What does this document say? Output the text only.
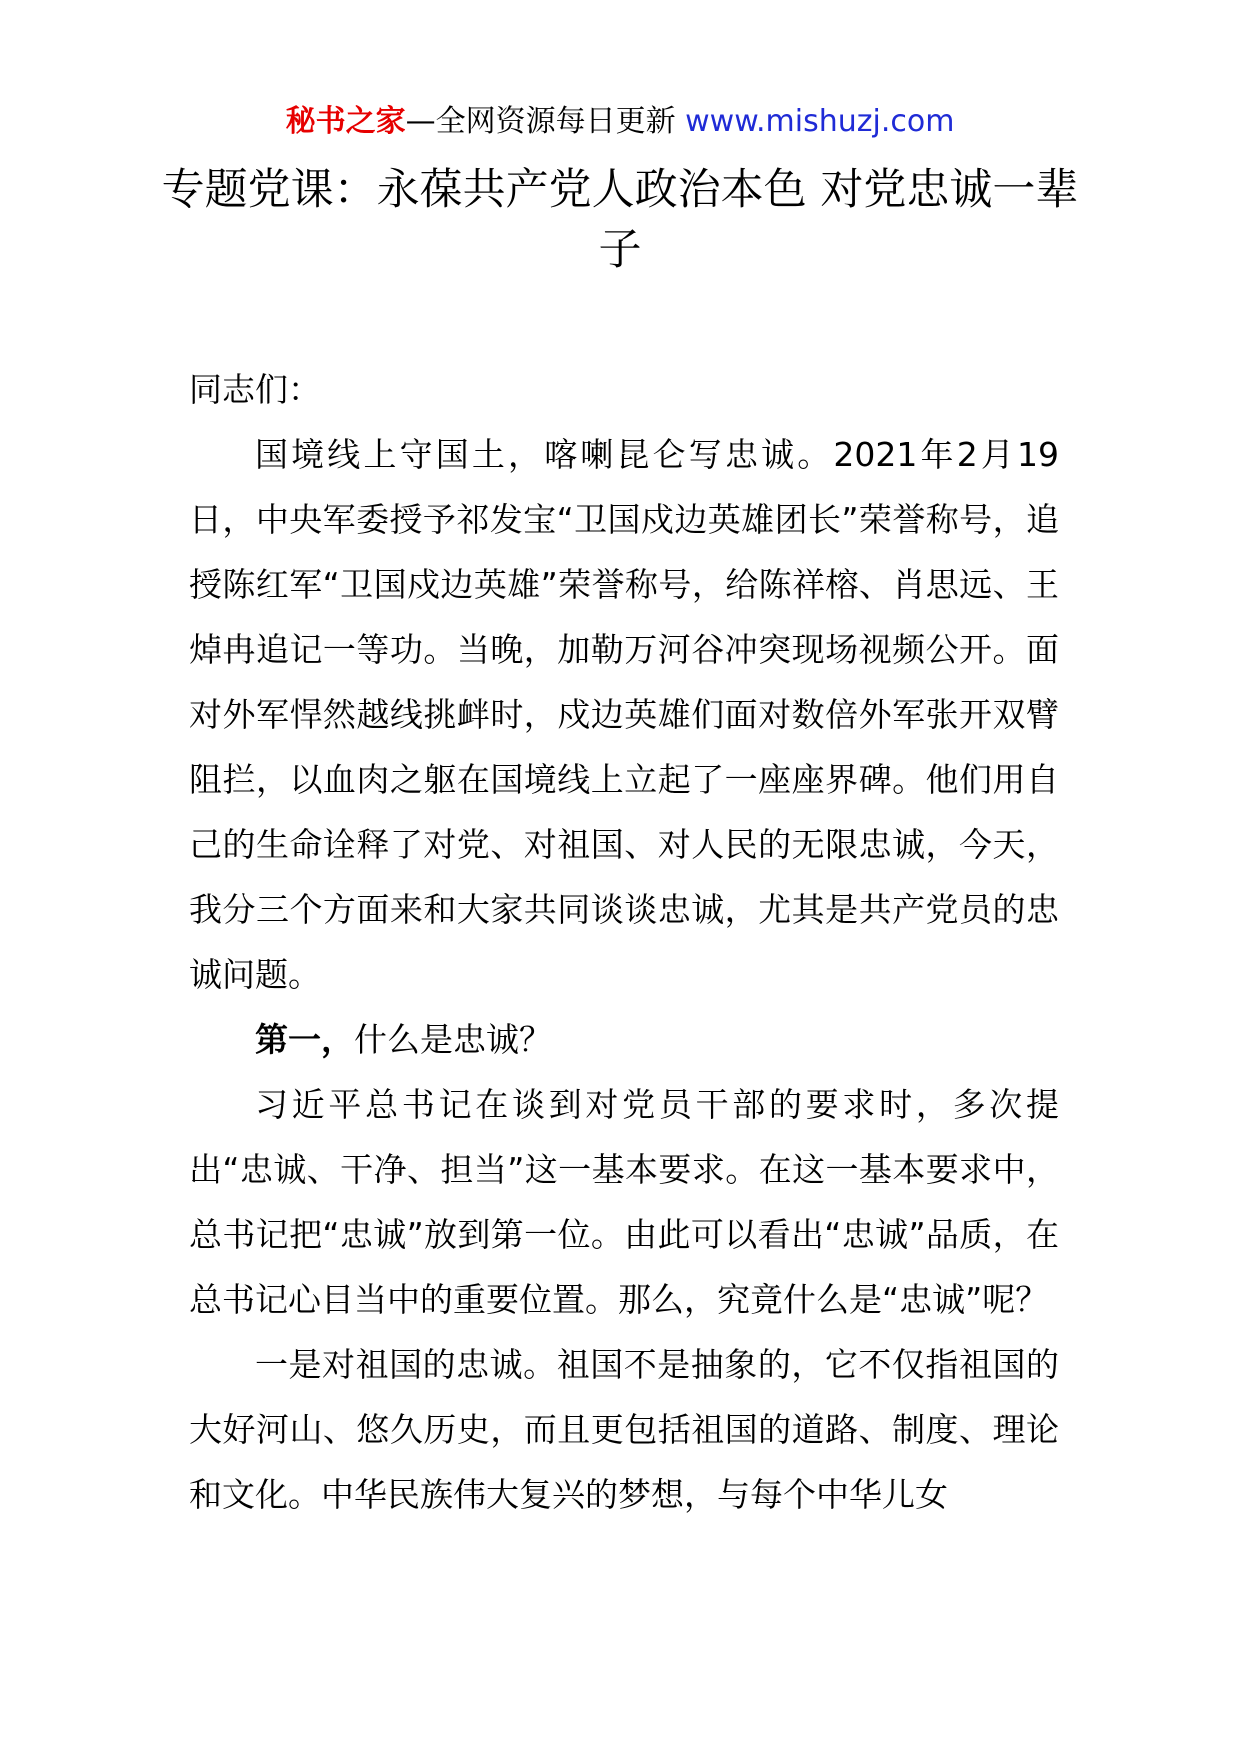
秘书之家—全网资源每日更新 www.mishuzj.com
专题党课：永葆共产党人政治本色 对党忠诚一辈子

同志们：

国境线上守国土，喀喇昆仑写忠诚。2021年2月19日，中央军委授予祁发宝“卫国戍边英雄团长”荣誉称号，追授陈红军“卫国戍边英雄”荣誉称号，给陈祥榕、肖思远、王焯冉追记一等功。当晚，加勒万河谷冲突现场视频公开。面对外军悍然越线挑衅时，戍边英雄们面对数倍外军张开双臂阻拦，以血肉之躯在国境线上立起了一座座界碑。他们用自己的生命诠释了对党、对祖国、对人民的无限忠诚，今天，我分三个方面来和大家共同谈谈忠诚，尤其是共产党员的忠诚问题。

第一，什么是忠诚？

习近平总书记在谈到对党员干部的要求时，多次提出“忠诚、干净、担当”这一基本要求。在这一基本要求中，总书记把“忠诚”放到第一位。由此可以看出“忠诚”品质，在总书记心目当中的重要位置。那么，究竟什么是“忠诚”呢？

一是对祖国的忠诚。祖国不是抽象的，它不仅指祖国的大好河山、悠久历史，而且更包括祖国的道路、制度、理论和文化。中华民族伟大复兴的梦想，与每个中华儿女
